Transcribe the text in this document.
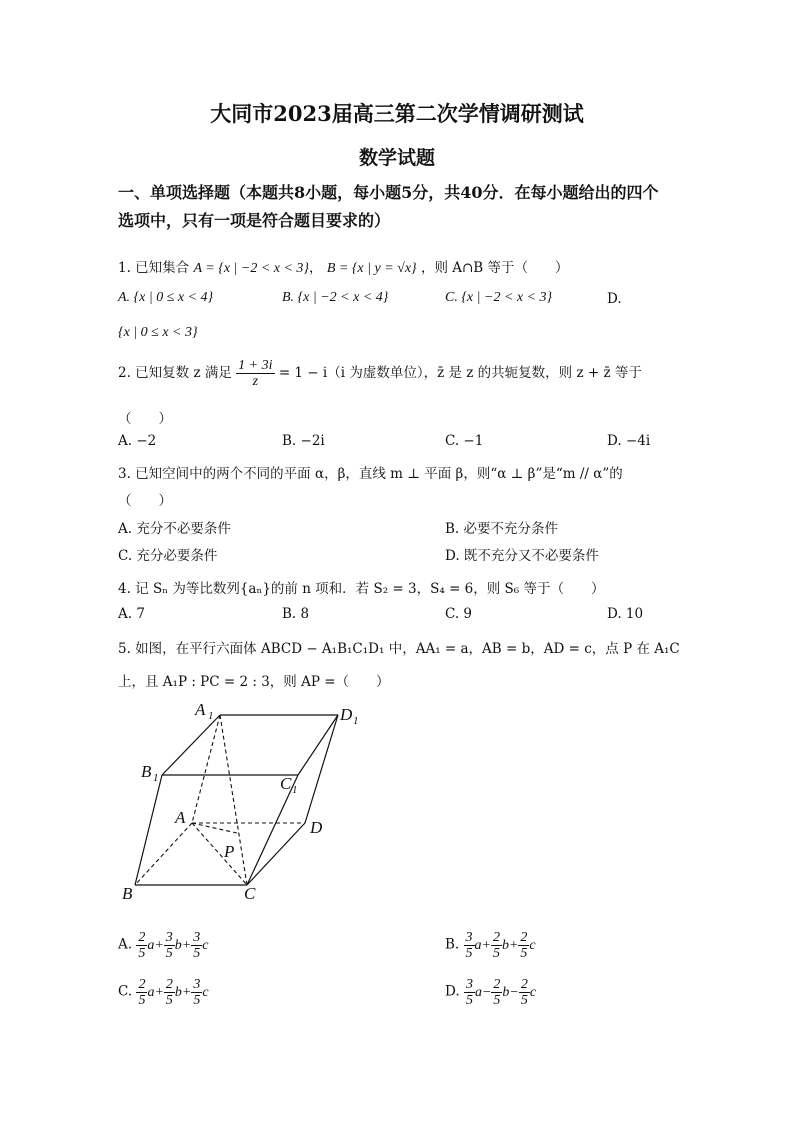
大同市2023届高三第二次学情调研测试
数学试题
一、单项选择题（本题共8小题，每小题5分，共40分．在每小题给出的四个
选项中，只有一项是符合题目要求的）
1. 已知集合 A = {x | −2 < x < 3}， B = {x | y = √x} ，则 A∩B 等于（　　）
A. {x | 0 ≤ x < 4}	B. {x | −2 < x < 4}	C. {x | −2 < x < 3}	D.
{x | 0 ≤ x < 3}
2. 已知复数 z 满足 $\frac{1 + 3i}{z} = 1 - i(i$ 为虚数单位），z̄ 是 z 的共轭复数，则 z + z̄ 等于
（　　）
A. −2	B. −2i	C. −1	D. −4i
3. 已知空间中的两个不同的平面 α，β，直线 m ⊥ 平面 β，则“α ⊥ β”是“m // α”的
（　　）
A. 充分不必要条件	B. 必要不充分条件
C. 充分必要条件	D. 既不充分又不必要条件
4. 记 Sₙ 为等比数列{aₙ}的前 n 项和．若 S₂ = 3，S₄ = 6，则 S₆ 等于（　　）
A. 7	B. 8	C. 9	D. 10
5. 如图，在平行六面体 ABCD − A₁B₁C₁D₁ 中，AA₁ = a，AB = b，AD = c，点 P 在 A₁C
上，且 A₁P : PC = 2 : 3，则 AP =（　　）
A 1	D 1
B 1	C 1
A
D
P
B	C
A. $\frac{2}{5} a+ \frac{3}{5} b+ \frac{3}{5}$ c	B. $\frac{3}{5} a+ \frac{2}{5} b+ \frac{2}{5}$ c
C. $\frac{2}{5} a+ \frac{2}{5} b+ \frac{3}{5}$ c	D. $\frac{3}{5} a- \frac{2}{5} b- \frac{2}{5}$ c
